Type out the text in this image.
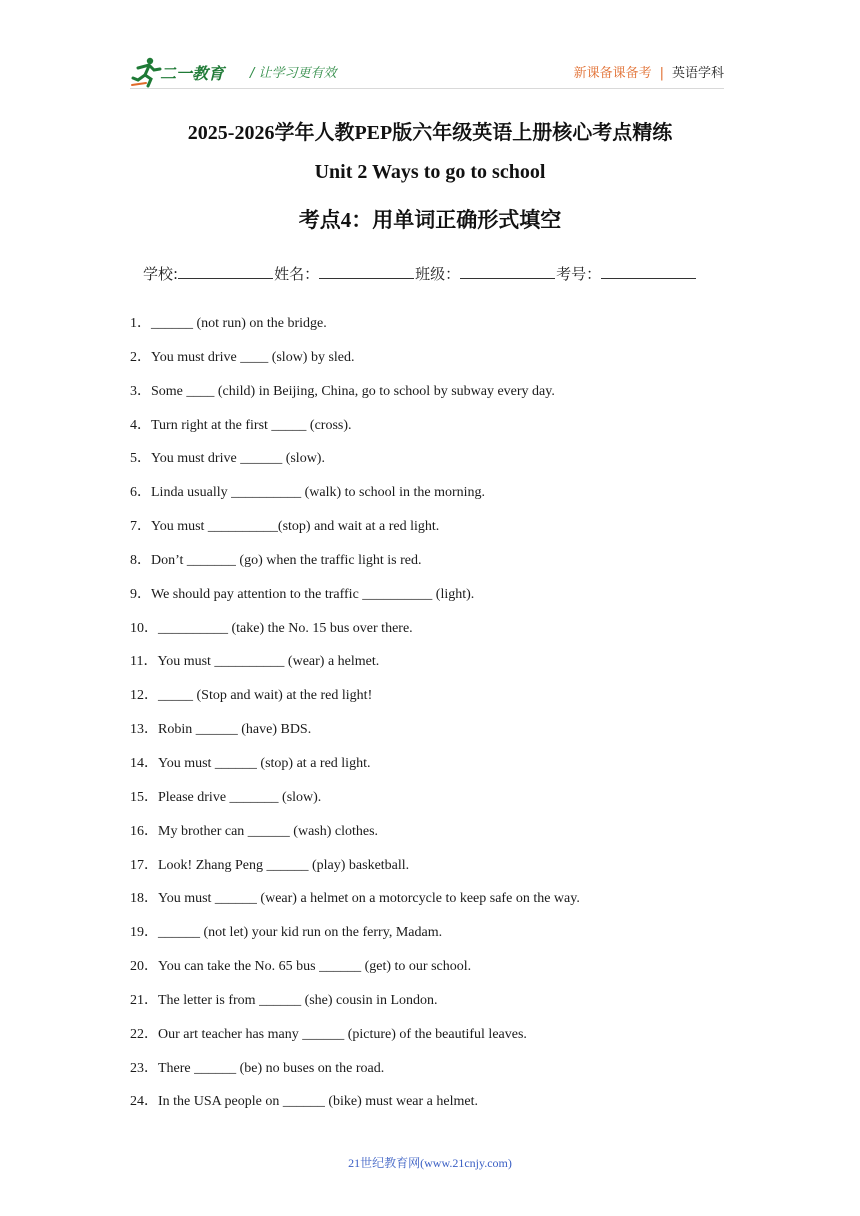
二一教育 / 让学习更有效	新课备课备考 | 英语学科
2025-2026学年人教PEP版六年级英语上册核心考点精练
Unit 2 Ways to go to school
考点4：用单词正确形式填空
学校:	姓名：	班级：	考号：
1．______ (not run) on the bridge.
2．You must drive ____ (slow) by sled.
3．Some ____ (child) in Beijing, China, go to school by subway every day.
4．Turn right at the first _____ (cross).
5．You must drive ______ (slow).
6．Linda usually __________ (walk) to school in the morning.
7．You must __________(stop) and wait at a red light.
8．Don’t _______ (go) when the traffic light is red.
9．We should pay attention to the traffic __________ (light).
10．__________ (take) the No. 15 bus over there.
11．You must __________ (wear) a helmet.
12．_____ (Stop and wait) at the red light!
13．Robin ______ (have) BDS.
14．You must ______ (stop) at a red light.
15．Please drive _______ (slow).
16．My brother can ______ (wash) clothes.
17．Look! Zhang Peng ______ (play) basketball.
18．You must ______ (wear) a helmet on a motorcycle to keep safe on the way.
19．______ (not let) your kid run on the ferry, Madam.
20．You can take the No. 65 bus ______ (get) to our school.
21．The letter is from ______ (she) cousin in London.
22．Our art teacher has many ______ (picture) of the beautiful leaves.
23．There ______ (be) no buses on the road.
24．In the USA people on ______ (bike) must wear a helmet.
21世纪教育网(www.21cnjy.com)
